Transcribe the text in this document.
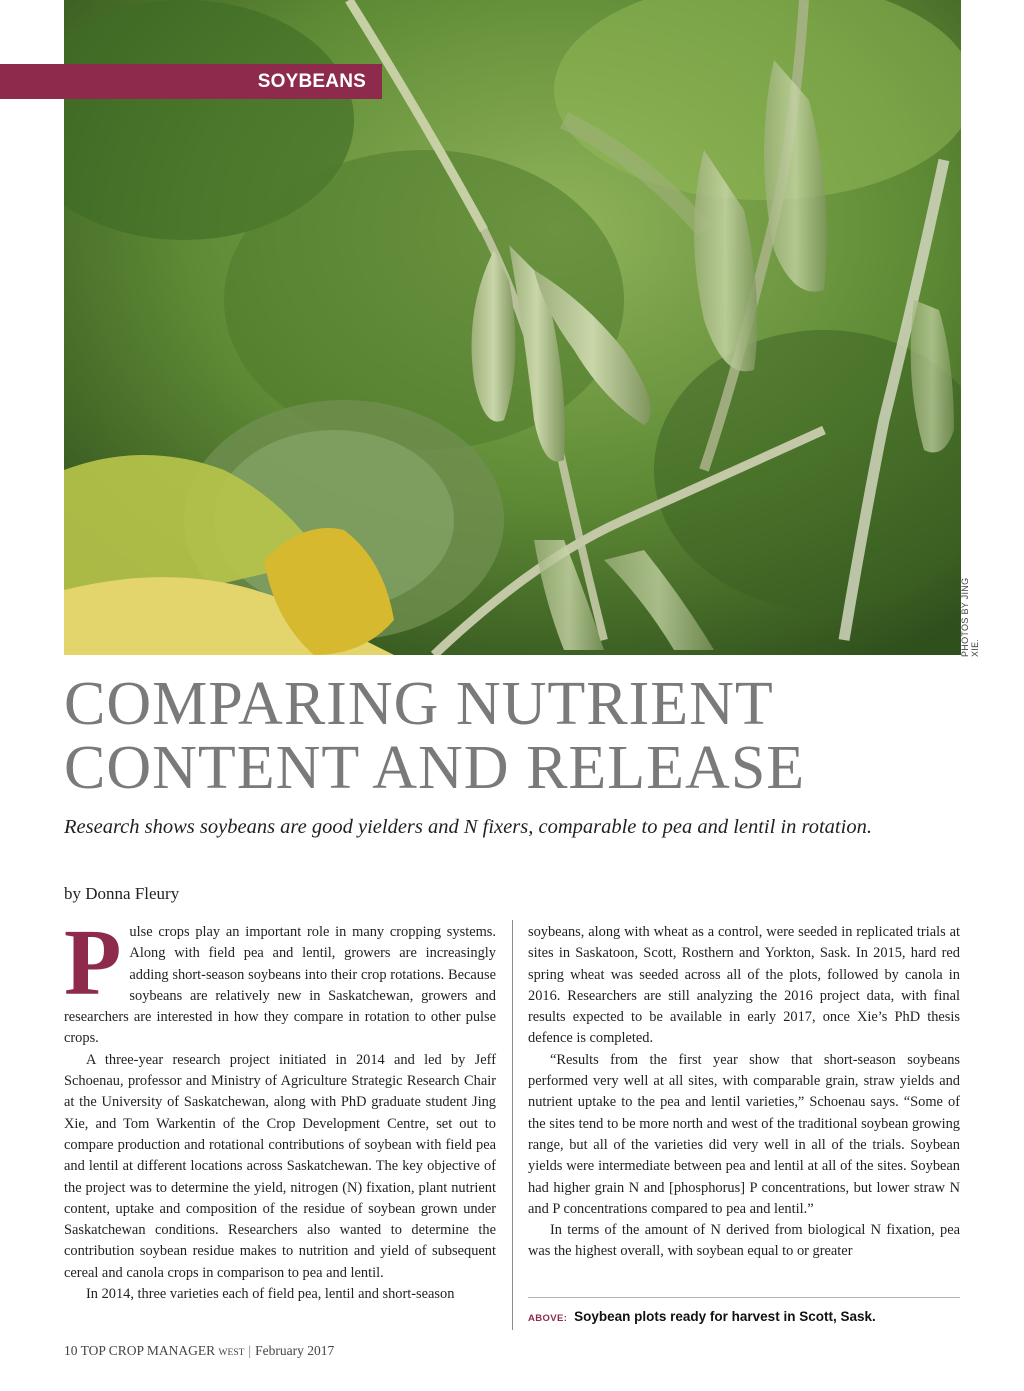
SOYBEANS
PHOTOS BY JING XIE.
COMPARING NUTRIENT
CONTENT AND RELEASE

Research shows soybeans are good yielders and N fixers, comparable to pea and lentil in rotation.

by Donna Fleury

Pulse crops play an important role in many cropping systems. Along with field pea and lentil, growers are increasingly adding short-season soybeans into their crop rotations. Because soybeans are relatively new in Saskatchewan, growers and researchers are interested in how they compare in rotation to other pulse crops.

A three-year research project initiated in 2014 and led by Jeff Schoenau, professor and Ministry of Agriculture Strategic Research Chair at the University of Saskatchewan, along with PhD graduate student Jing Xie, and Tom Warkentin of the Crop Development Centre, set out to compare production and rotational contributions of soybean with field pea and lentil at different locations across Saskatchewan. The key objective of the project was to determine the yield, nitrogen (N) fixation, plant nutrient content, uptake and composition of the residue of soybean grown under Saskatchewan conditions. Researchers also wanted to determine the contribution soybean residue makes to nutrition and yield of subsequent cereal and canola crops in comparison to pea and lentil.

In 2014, three varieties each of field pea, lentil and short-season

soybeans, along with wheat as a control, were seeded in replicated trials at sites in Saskatoon, Scott, Rosthern and Yorkton, Sask. In 2015, hard red spring wheat was seeded across all of the plots, followed by canola in 2016. Researchers are still analyzing the 2016 project data, with final results expected to be available in early 2017, once Xie’s PhD thesis defence is completed.

“Results from the first year show that short-season soybeans performed very well at all sites, with comparable grain, straw yields and nutrient uptake to the pea and lentil varieties,” Schoenau says. “Some of the sites tend to be more north and west of the traditional soybean growing range, but all of the varieties did very well in all of the trials. Soybean yields were intermediate between pea and lentil at all of the sites. Soybean had higher grain N and [phosphorus] P concentrations, but lower straw N and P concentrations compared to pea and lentil.”

In terms of the amount of N derived from biological N fixation, pea was the highest overall, with soybean equal to or greater

ABOVE: Soybean plots ready for harvest in Scott, Sask.
10 TOP CROP MANAGER WEST | February 2017
